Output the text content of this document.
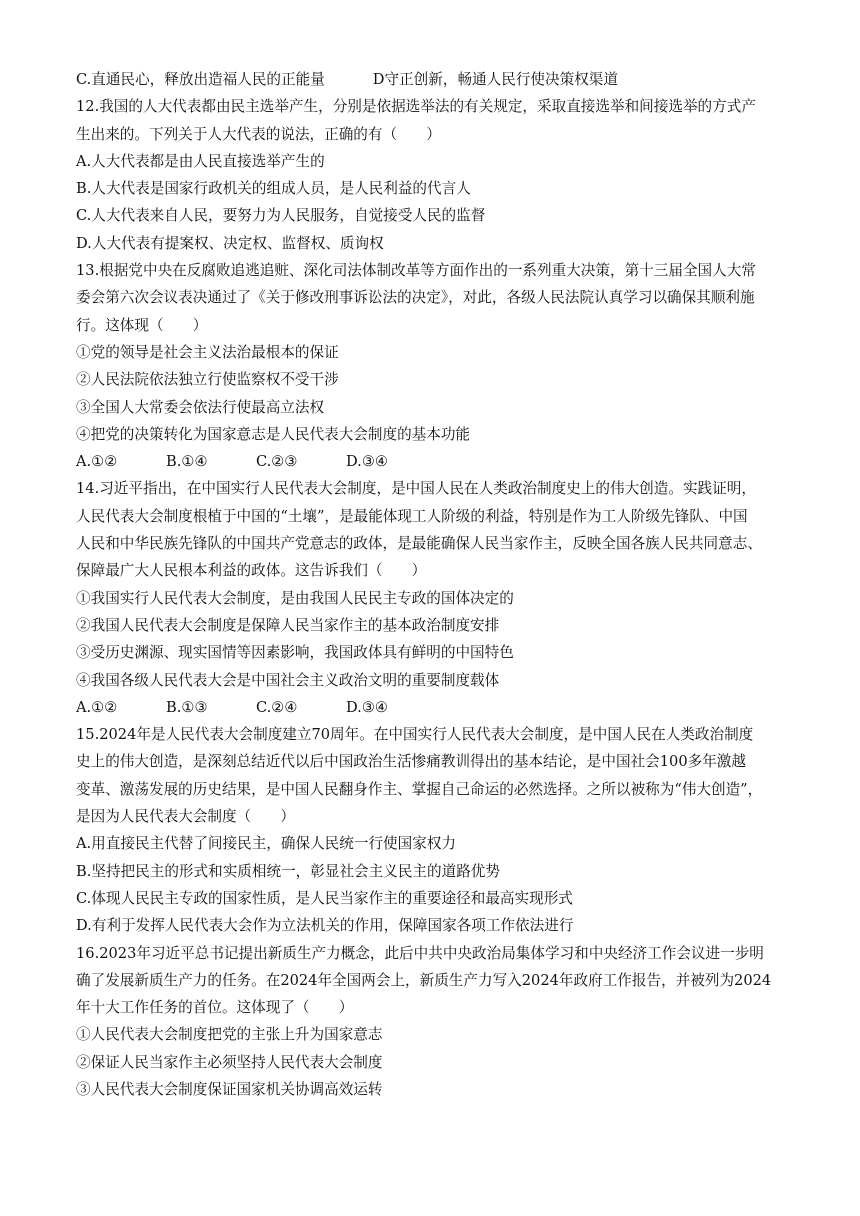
C.直通民心，释放出造福人民的正能量	D守正创新，畅通人民行使决策权渠道
12.我国的人大代表都由民主选举产生，分别是依据选举法的有关规定，采取直接选举和间接选举的方式产
生出来的。下列关于人大代表的说法，正确的有（　　）
A.人大代表都是由人民直接选举产生的
B.人大代表是国家行政机关的组成人员，是人民利益的代言人
C.人大代表来自人民，要努力为人民服务，自觉接受人民的监督
D.人大代表有提案权、决定权、监督权、质询权
13.根据党中央在反腐败追逃追赃、深化司法体制改革等方面作出的一系列重大决策，第十三届全国人大常
委会第六次会议表决通过了《关于修改刑事诉讼法的决定》，对此，各级人民法院认真学习以确保其顺利施
行。这体现（　　）
①党的领导是社会主义法治最根本的保证
②人民法院依法独立行使监察权不受干涉
③全国人大常委会依法行使最高立法权
④把党的决策转化为国家意志是人民代表大会制度的基本功能
A.①②	B.①④	C.②③	D.③④
14.习近平指出，在中国实行人民代表大会制度，是中国人民在人类政治制度史上的伟大创造。实践证明，
人民代表大会制度根植于中国的“土壤”，是最能体现工人阶级的利益，特别是作为工人阶级先锋队、中国
人民和中华民族先锋队的中国共产党意志的政体，是最能确保人民当家作主，反映全国各族人民共同意志、
保障最广大人民根本利益的政体。这告诉我们（　　）
①我国实行人民代表大会制度，是由我国人民民主专政的国体决定的
②我国人民代表大会制度是保障人民当家作主的基本政治制度安排
③受历史渊源、现实国情等因素影响，我国政体具有鲜明的中国特色
④我国各级人民代表大会是中国社会主义政治文明的重要制度载体
A.①②	B.①③	C.②④	D.③④
15.2024年是人民代表大会制度建立70周年。在中国实行人民代表大会制度，是中国人民在人类政治制度
史上的伟大创造，是深刻总结近代以后中国政治生活惨痛教训得出的基本结论，是中国社会100多年激越
变革、激荡发展的历史结果，是中国人民翻身作主、掌握自己命运的必然选择。之所以被称为“伟大创造”，
是因为人民代表大会制度（　　）
A.用直接民主代替了间接民主，确保人民统一行使国家权力
B.坚持把民主的形式和实质相统一，彰显社会主义民主的道路优势
C.体现人民民主专政的国家性质，是人民当家作主的重要途径和最高实现形式
D.有利于发挥人民代表大会作为立法机关的作用，保障国家各项工作依法进行
16.2023年习近平总书记提出新质生产力概念，此后中共中央政治局集体学习和中央经济工作会议进一步明
确了发展新质生产力的任务。在2024年全国两会上，新质生产力写入2024年政府工作报告，并被列为2024
年十大工作任务的首位。这体现了（　　）
①人民代表大会制度把党的主张上升为国家意志
②保证人民当家作主必须坚持人民代表大会制度
③人民代表大会制度保证国家机关协调高效运转
